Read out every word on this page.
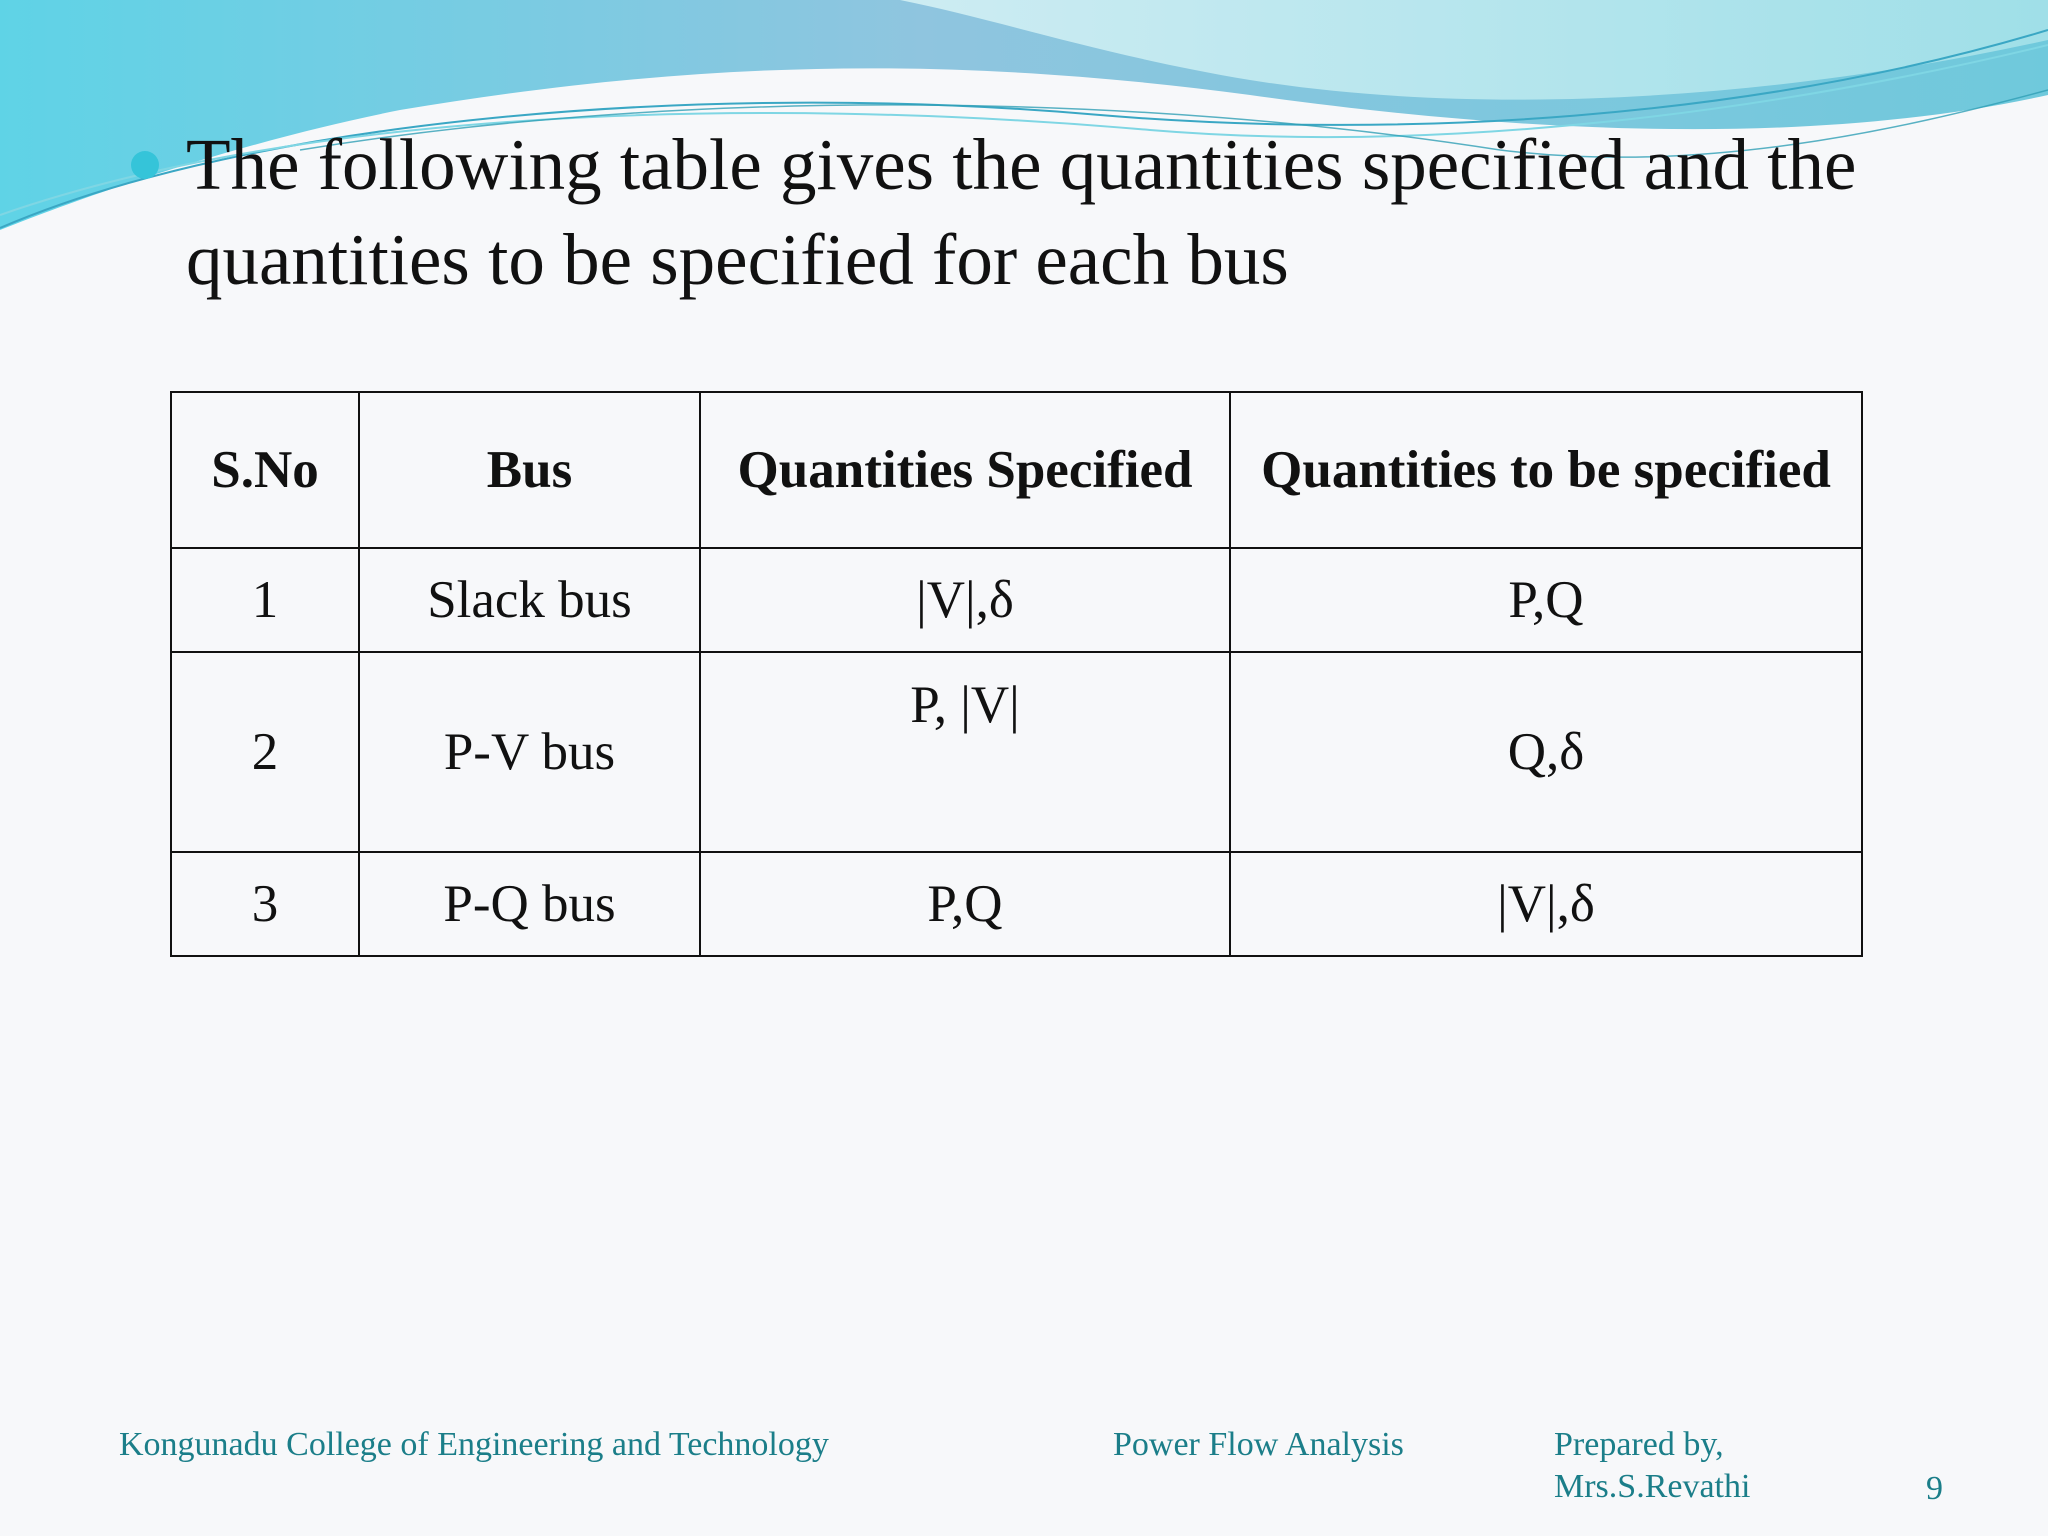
The following table gives the quantities specified and the quantities to be specified for each bus
S.No	Bus	Quantities Specified	Quantities to be specified
1	Slack bus	|V|,δ	P,Q
2	P-V bus	P, |V|	Q,δ
3	P-Q bus	P,Q	|V|,δ
Kongunadu College of Engineering and Technology	Power Flow Analysis	Prepared by,
Mrs.S.Revathi	9
